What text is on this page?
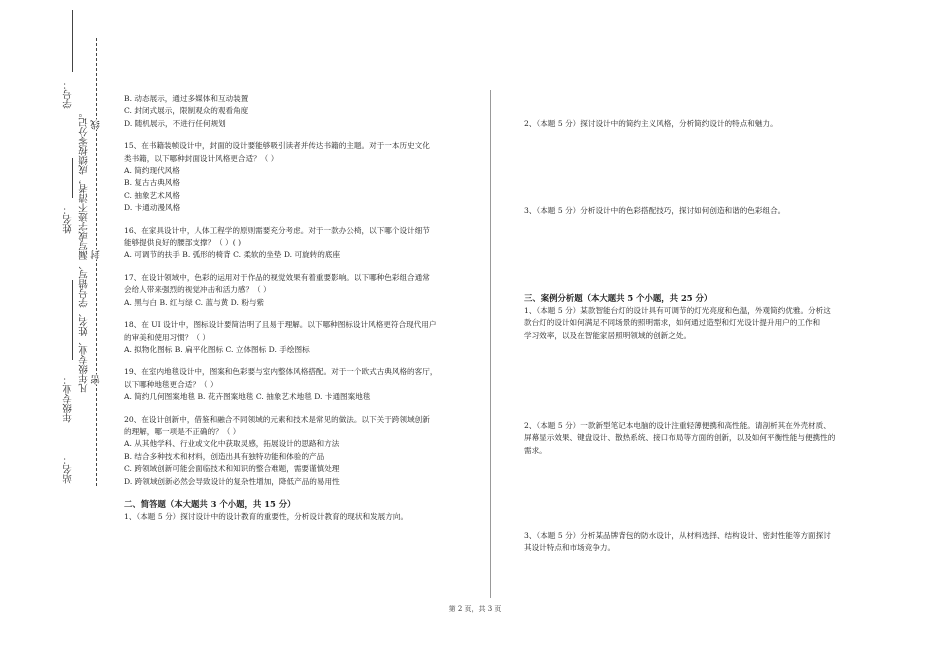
学号：
姓名：
年级专业：
站名：
凡年级专业、姓名、学号错写、漏写或字迹不清者，成绩按零分记。 线
封
密

B. 动态展示，通过多媒体和互动装置

C. 封闭式展示，限制观众的观看角度

D. 随机展示，不进行任何规划

15、在书籍装帧设计中，封面的设计要能够吸引读者并传达书籍的主题。对于一本历史文化

类书籍，以下哪种封面设计风格更合适？（ ）

A. 简约现代风格

B. 复古古典风格

C. 抽象艺术风格

D. 卡通动漫风格

16、在家具设计中，人体工程学的原则需要充分考虑。对于一款办公椅，以下哪个设计细节

能够提供良好的腰部支撑？（ ）( )

A. 可调节的扶手 B. 弧形的椅背 C. 柔软的坐垫 D. 可旋转的底座

17、在设计领域中，色彩的运用对于作品的视觉效果有着重要影响。以下哪种色彩组合通常

会给人带来强烈的视觉冲击和活力感？（ ）

A. 黑与白 B. 红与绿 C. 蓝与黄 D. 粉与紫

18、在 UI 设计中，图标设计要简洁明了且易于理解。以下哪种图标设计风格更符合现代用户

的审美和使用习惯？（ ）

A. 拟物化图标 B. 扁平化图标 C. 立体图标 D. 手绘图标

19、在室内地毯设计中，图案和色彩要与室内整体风格搭配。对于一个欧式古典风格的客厅，

以下哪种地毯更合适？（ ）

A. 简约几何图案地毯 B. 花卉图案地毯 C. 抽象艺术地毯 D. 卡通图案地毯

20、在设计创新中，借鉴和融合不同领域的元素和技术是常见的做法。以下关于跨领域创新

的理解，哪一项是不正确的？（ ）

A. 从其他学科、行业或文化中获取灵感，拓展设计的思路和方法

B. 结合多种技术和材料，创造出具有独特功能和体验的产品

C. 跨领域创新可能会面临技术和知识的整合难题，需要谨慎处理

D. 跨领域创新必然会导致设计的复杂性增加，降低产品的易用性

二、简答题（本大题共 3 个小题，共 15 分）

1、（本题 5 分）探讨设计中的设计教育的重要性，分析设计教育的现状和发展方向。

2、（本题 5 分）探讨设计中的简约主义风格，分析简约设计的特点和魅力。
3、（本题 5 分）分析设计中的色彩搭配技巧，探讨如何创造和谐的色彩组合。

三、案例分析题（本大题共 5 个小题，共 25 分）

1、（本题 5 分）某款智能台灯的设计具有可调节的灯光亮度和色温，外观简约优雅。分析这

款台灯的设计如何满足不同场景的照明需求，如何通过造型和灯光设计提升用户的工作和

学习效率，以及在智能家居照明领域的创新之处。

2、（本题 5 分）一款新型笔记本电脑的设计注重轻薄便携和高性能。请剖析其在外壳材质、

屏幕显示效果、键盘设计、散热系统、接口布局等方面的创新，以及如何平衡性能与便携性的

需求。

3、（本题 5 分）分析某品牌背包的防水设计，从材料选择、结构设计、密封性能等方面探讨

其设计特点和市场竞争力。

第 2 页，共 3 页
